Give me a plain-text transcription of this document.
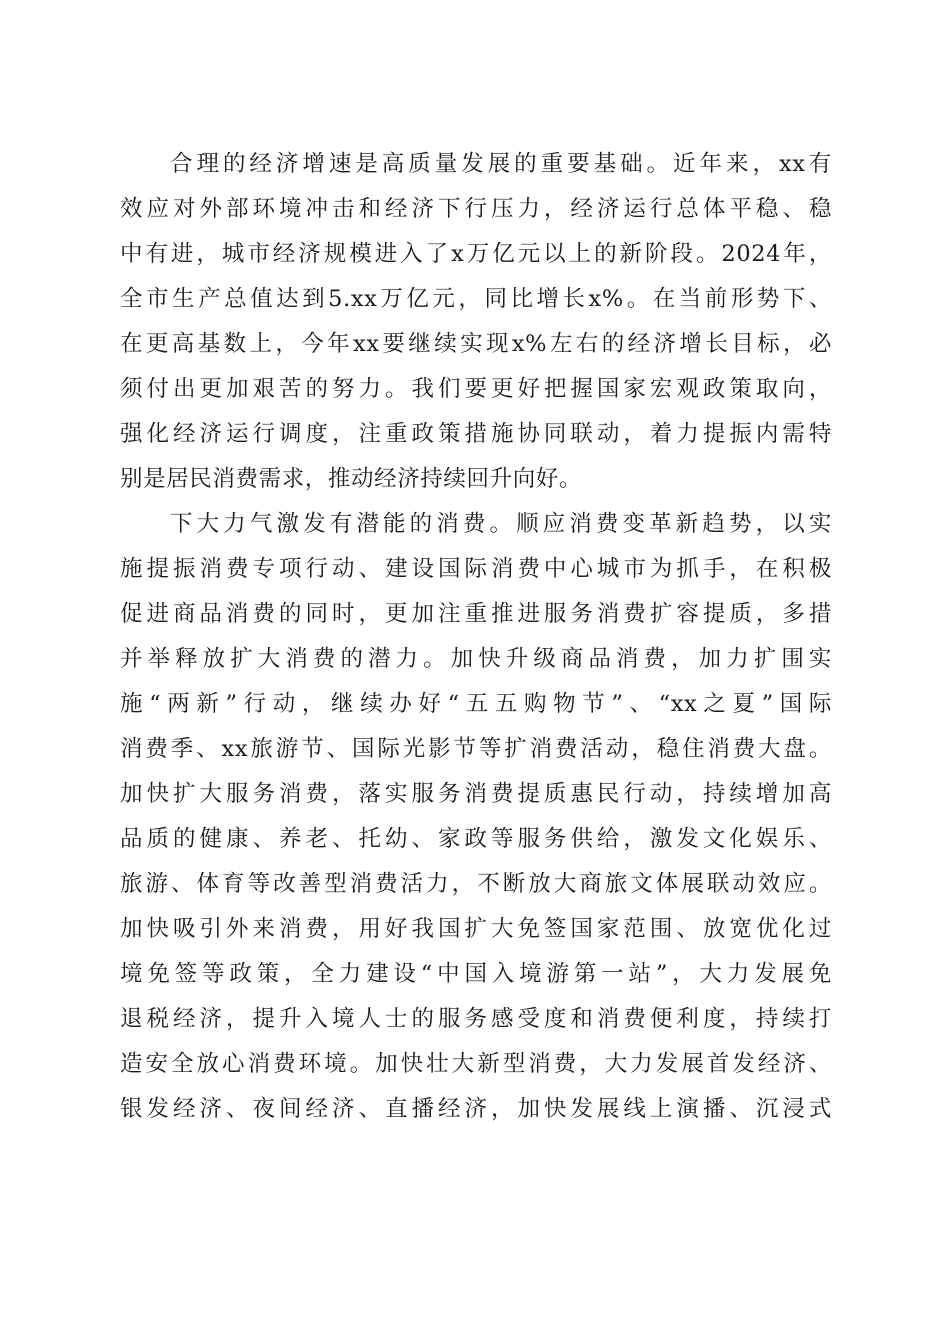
合理的经济增速是高质量发展的重要基础。近年来，xx有
效应对外部环境冲击和经济下行压力，经济运行总体平稳、稳
中有进，城市经济规模进入了x万亿元以上的新阶段。2024年，
全市生产总值达到5.xx万亿元，同比增长x%。在当前形势下、
在更高基数上，今年xx要继续实现x%左右的经济增长目标，必
须付出更加艰苦的努力。我们要更好把握国家宏观政策取向，
强化经济运行调度，注重政策措施协同联动，着力提振内需特
别是居民消费需求，推动经济持续回升向好。
下大力气激发有潜能的消费。顺应消费变革新趋势，以实
施提振消费专项行动、建设国际消费中心城市为抓手，在积极
促进商品消费的同时，更加注重推进服务消费扩容提质，多措
并举释放扩大消费的潜力。加快升级商品消费，加力扩围实
施“两新”行动，继续办好“五五购物节”、“xx之夏”国际
消费季、xx旅游节、国际光影节等扩消费活动，稳住消费大盘。
加快扩大服务消费，落实服务消费提质惠民行动，持续增加高
品质的健康、养老、托幼、家政等服务供给，激发文化娱乐、
旅游、体育等改善型消费活力，不断放大商旅文体展联动效应。
加快吸引外来消费，用好我国扩大免签国家范围、放宽优化过
境免签等政策，全力建设“中国入境游第一站”，大力发展免
退税经济，提升入境人士的服务感受度和消费便利度，持续打
造安全放心消费环境。加快壮大新型消费，大力发展首发经济、
银发经济、夜间经济、直播经济，加快发展线上演播、沉浸式
